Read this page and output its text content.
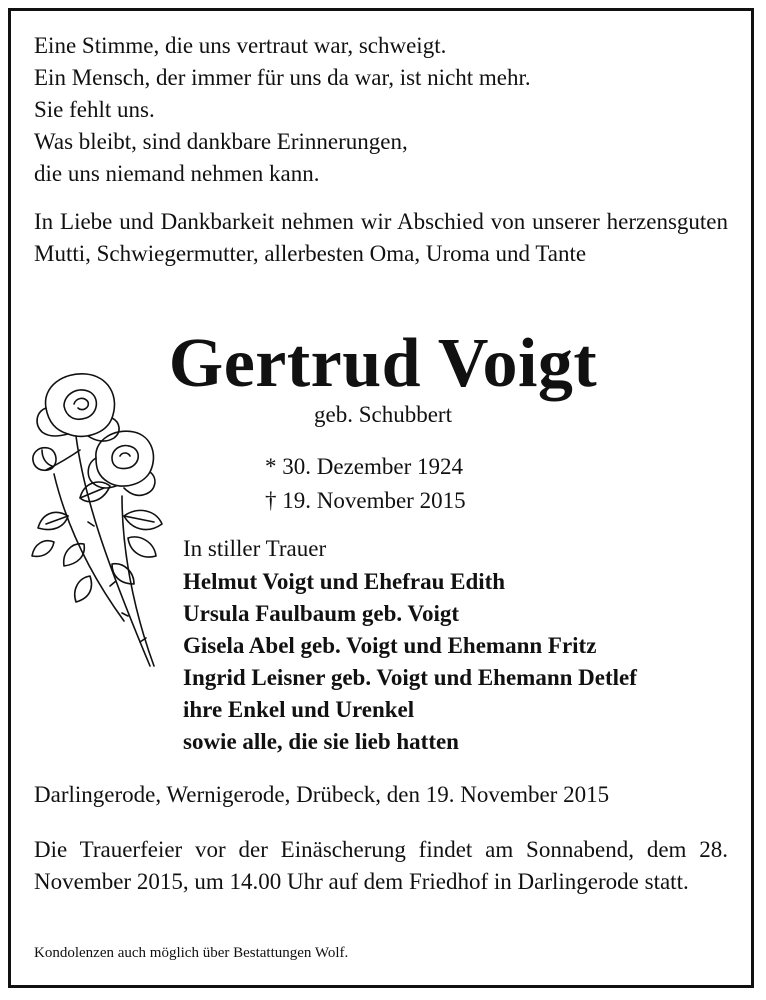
Eine Stimme, die uns vertraut war, schweigt.
Ein Mensch, der immer für uns da war, ist nicht mehr.
Sie fehlt uns.
Was bleibt, sind dankbare Erinnerungen,
die uns niemand nehmen kann.
In Liebe und Dankbarkeit nehmen wir Abschied von unserer herzensguten Mutti, Schwiegermutter, allerbesten Oma, Uroma und Tante
Gertrud Voigt
geb. Schubbert
* 30. Dezember 1924
† 19. November 2015
In stiller Trauer
Helmut Voigt und Ehefrau Edith
Ursula Faulbaum geb. Voigt
Gisela Abel geb. Voigt und Ehemann Fritz
Ingrid Leisner geb. Voigt und Ehemann Detlef
ihre Enkel und Urenkel
sowie alle, die sie lieb hatten
Darlingerode, Wernigerode, Drübeck, den 19. November 2015
Die Trauerfeier vor der Einäscherung findet am Sonnabend, dem 28. November 2015, um 14.00 Uhr auf dem Friedhof in Darlingerode statt.
Kondolenzen auch möglich über Bestattungen Wolf.
